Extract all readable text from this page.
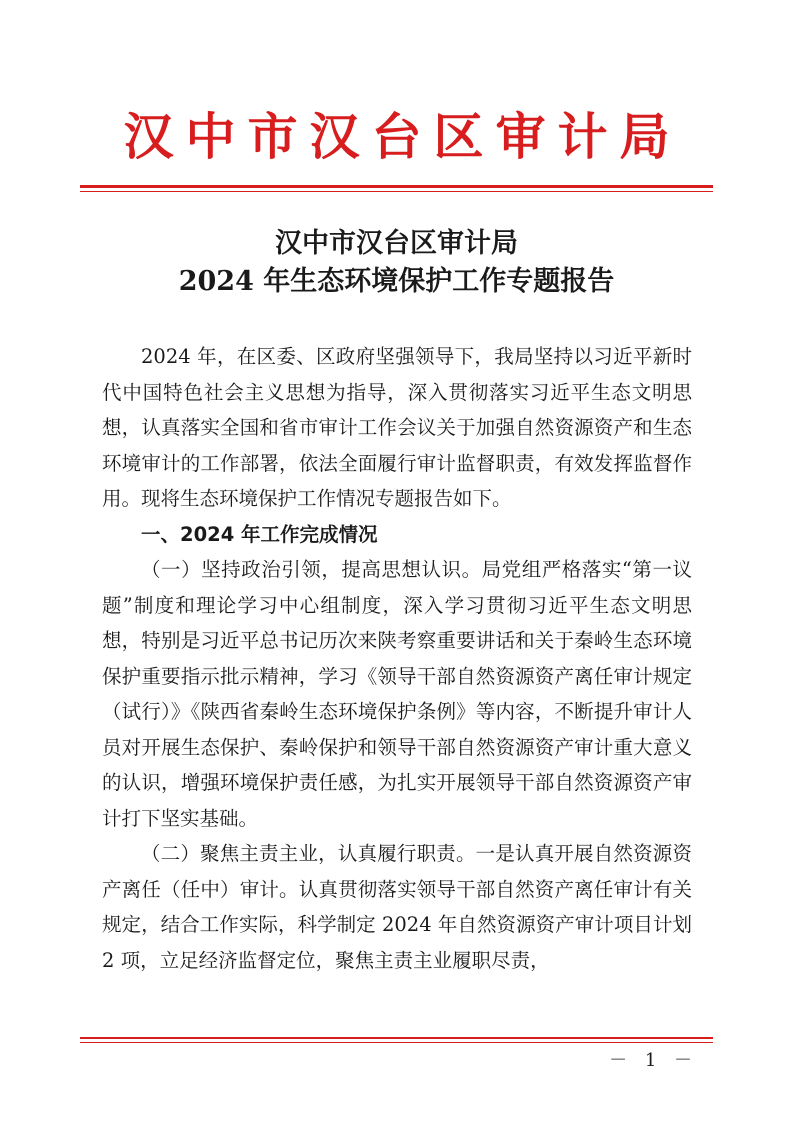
汉中市汉台区审计局
汉中市汉台区审计局
2024 年生态环境保护工作专题报告

2024 年，在区委、区政府坚强领导下，我局坚持以习近平新时代中国特色社会主义思想为指导，深入贯彻落实习近平生态文明思想，认真落实全国和省市审计工作会议关于加强自然资源资产和生态环境审计的工作部署，依法全面履行审计监督职责，有效发挥监督作用。现将生态环境保护工作情况专题报告如下。

一、2024 年工作完成情况

（一）坚持政治引领，提高思想认识。局党组严格落实“第一议题”制度和理论学习中心组制度，深入学习贯彻习近平生态文明思想，特别是习近平总书记历次来陕考察重要讲话和关于秦岭生态环境保护重要指示批示精神，学习《领导干部自然资源资产离任审计规定（试行）》《陕西省秦岭生态环境保护条例》等内容，不断提升审计人员对开展生态保护、秦岭保护和领导干部自然资源资产审计重大意义的认识，增强环境保护责任感，为扎实开展领导干部自然资源资产审计打下坚实基础。

（二）聚焦主责主业，认真履行职责。一是认真开展自然资源资产离任（任中）审计。认真贯彻落实领导干部自然资产离任审计有关规定，结合工作实际，科学制定 2024 年自然资源资产审计项目计划 2 项，立足经济监督定位，聚焦主责主业履职尽责，

－ 1 －
